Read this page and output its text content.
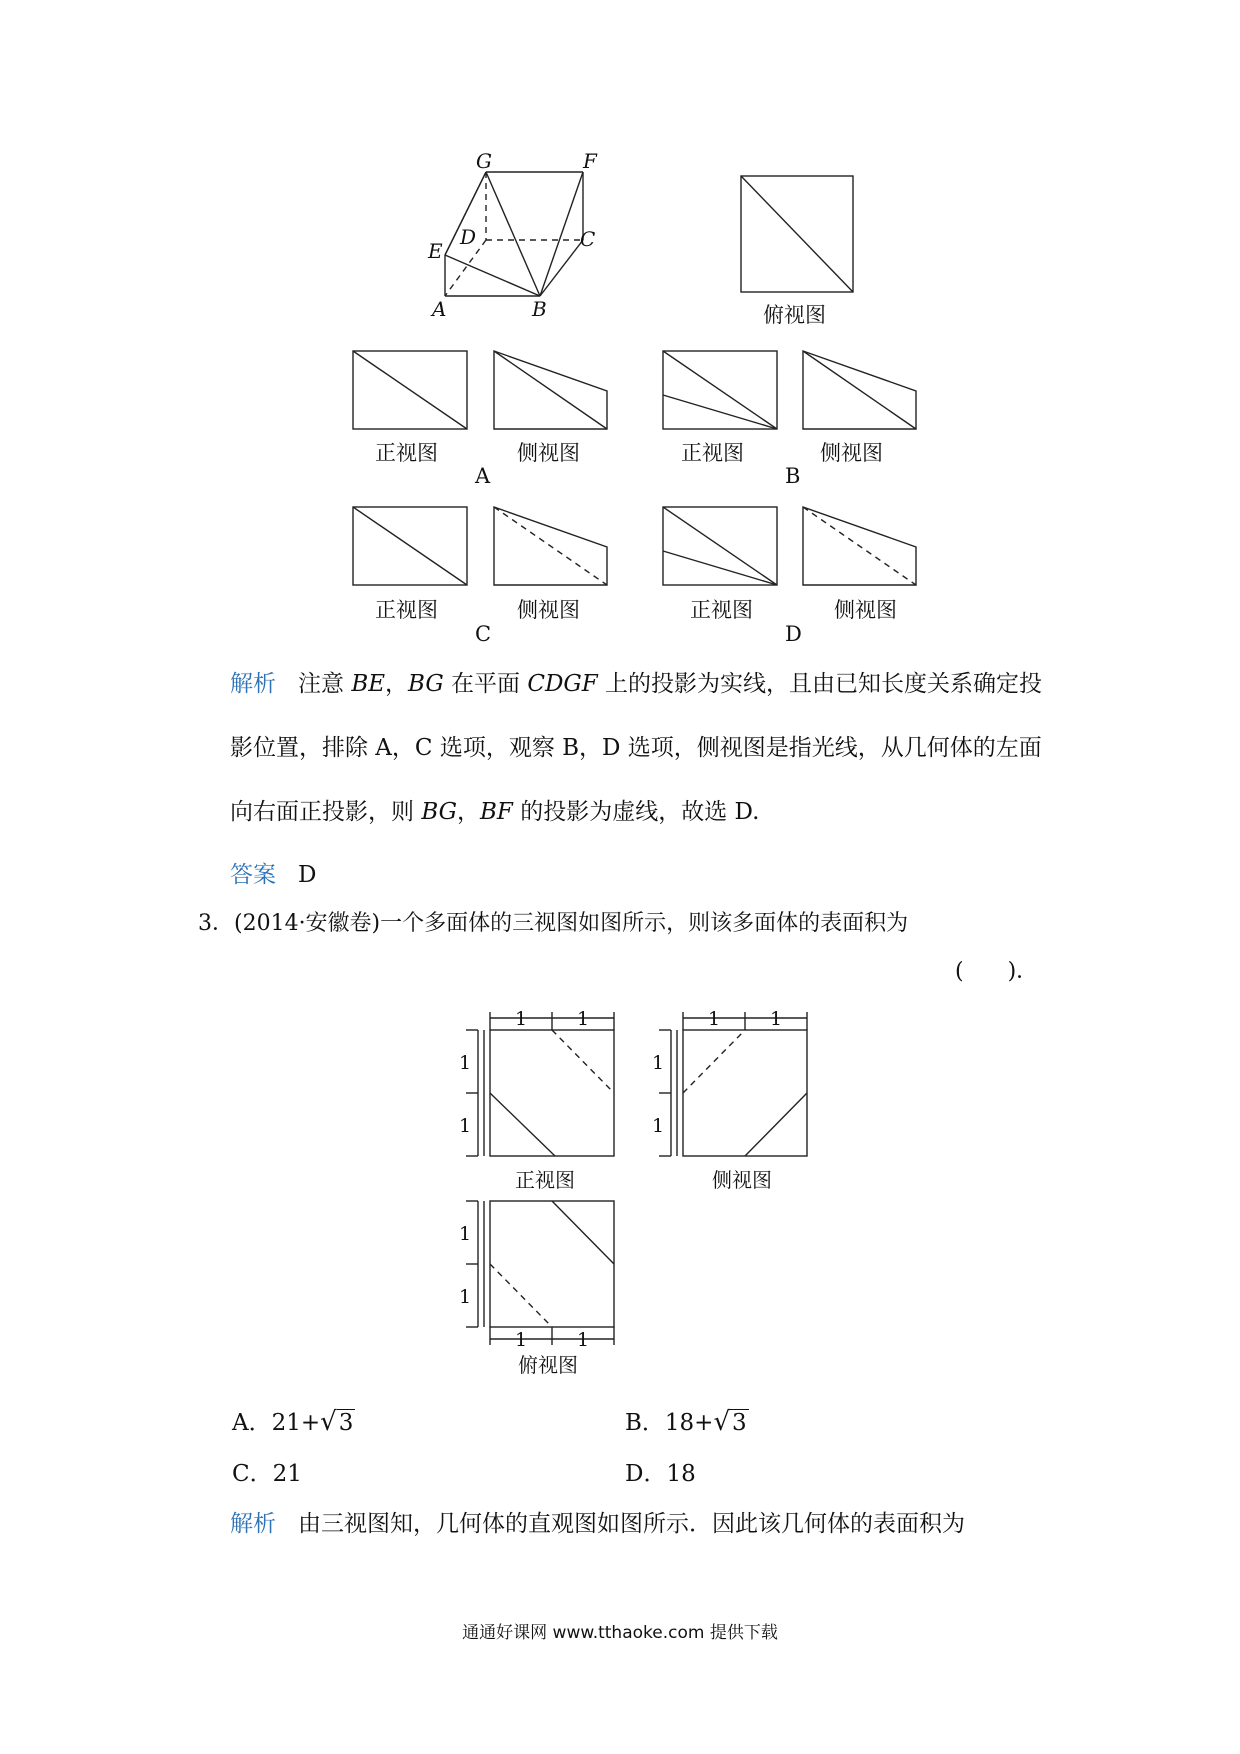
G	F
E
D	C
A	B	俯视图
正视图	侧视图
A
正视图	侧视图
B
正视图	侧视图
C
正视图	侧视图
D
解析 注意 BE，BG 在平面 CDGF 上的投影为实线，且由已知长度关系确定投影位置，排除 A，C 选项，观察 B，D 选项，侧视图是指光线，从几何体的左面向右面正投影，则 BG，BF 的投影为虚线，故选 D.
答案 D
3．(2014·安徽卷)一个多面体的三视图如图所示，则该多面体的表面积为
(　　)．
1	1
1
1
1	1
1
1
1
1
1	1
正视图	侧视图
俯视图
A．21+√3	B．18+√3
C．21	D．18
解析 由三视图知，几何体的直观图如图所示．因此该几何体的表面积为
通通好课网 www.tthaoke.com 提供下载
